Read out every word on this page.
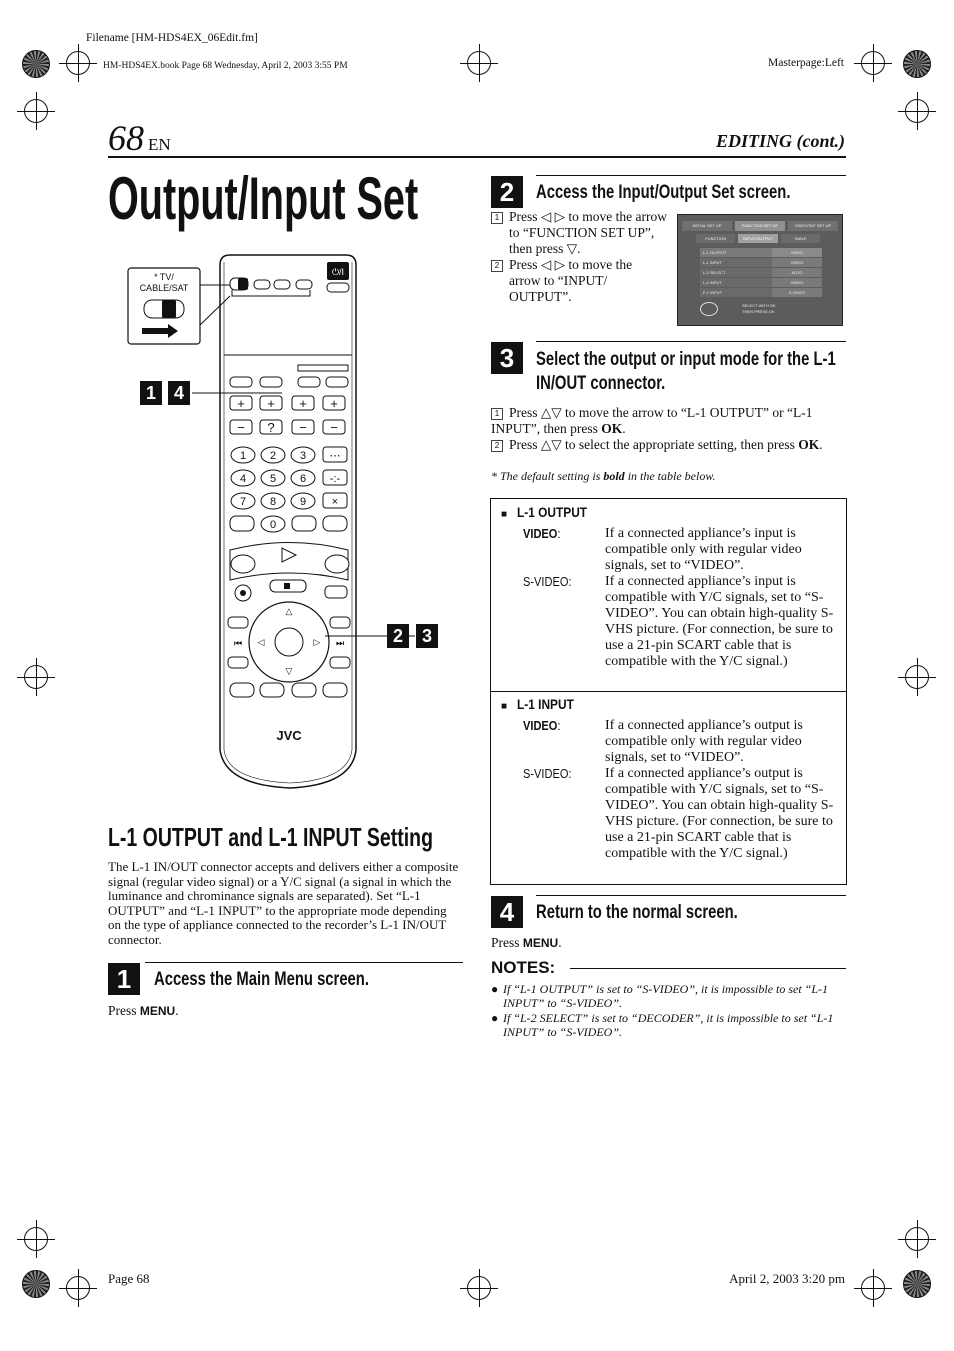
Filename [HM-HDS4EX_06Edit.fm]
HM-HDS4EX.book Page 68 Wednesday, April 2, 2003 3:55 PM	Masterpage:Left
68 EN	EDITING (cont.)
Output/Input Set
⏻/I
+ + + +
− ? − −
1 2 3 ⋯
4 5 6 -:-
7 8 9 ×
0
△
▽
◁	▷
⏮	⏭
JVC
* TV/
CABLE/SAT
1 4
2	3
L-1 OUTPUT and L-1 INPUT Setting
The L-1 IN/OUT connector accepts and delivers either a composite signal (regular video signal) or a Y/C signal (a signal in which the luminance and chrominance signals are separated). Set “L-1 OUTPUT” and “L-1 INPUT” to the appropriate mode depending on the type of appliance connected to the recorder’s L-1 IN/OUT connector.
1	Access the Main Menu screen.
Press MENU.
2	Access the Input/Output Set screen.
1 Press ◁ ▷ to move the arrow to “FUNCTION SET UP”, then press ▽.
2 Press ◁ ▷ to move the arrow to “INPUT/ OUTPUT”.
INITIAL SET UP	FUNCTION SET UP	VIDEO/SAT SET UP
FUNCTION	INPUT/OUTPUT	TABLE
L-1 OUTPUT	VIDEO
L-1 INPUT	VIDEO
L-2 SELECT	AUTO
L-2 INPUT	VIDEO
F-1 INPUT	S-VIDEO
SELECT WITH OK
THEN PRESS OK
3	Select the output or input mode for the L-1
IN/OUT connector.
1 Press △▽ to move the arrow to “L-1 OUTPUT” or “L-1 INPUT”, then press OK.
2 Press △▽ to select the appropriate setting, then press OK.
* The default setting is bold in the table below.
■ L-1 OUTPUT
VIDEO:	If a connected appliance’s input is compatible only with regular video signals, set to “VIDEO”.
S-VIDEO: If a connected appliance’s input is compatible with Y/C signals, set to “S-VIDEO”. You can obtain high-quality S-VHS picture. (For connection, be sure to use a 21-pin SCART cable that is compatible with the Y/C signal.)
■ L-1 INPUT
VIDEO:	If a connected appliance’s output is compatible only with regular video signals, set to “VIDEO”.
S-VIDEO: If a connected appliance’s output is compatible with Y/C signals, set to “S-VIDEO”. You can obtain high-quality S-VHS picture. (For connection, be sure to use a 21-pin SCART cable that is compatible with the Y/C signal.)
4	Return to the normal screen.
Press MENU.
NOTES:
● If “L-1 OUTPUT” is set to “S-VIDEO”, it is impossible to set “L-1 INPUT” to “S-VIDEO”.
● If “L-2 SELECT” is set to “DECODER”, it is impossible to set “L-1 INPUT” to “S-VIDEO”.
Page 68	April 2, 2003 3:20 pm
